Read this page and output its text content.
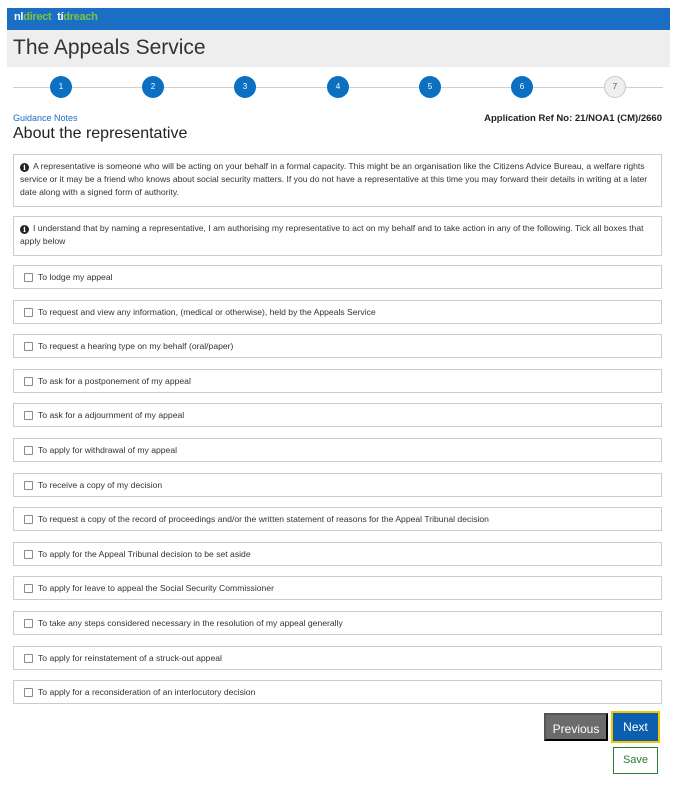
nldirect tídreach
The Appeals Service
1	2	3	4	5	6	7
Guidance Notes	Application Ref No: 21/NOA1 (CM)/2660
About the representative
i A representative is someone who will be acting on your behalf in a formal capacity. This might be an organisation like the Citizens Advice Bureau, a welfare rights service or it may be a friend who knows about social security matters. If you do not have a representative at this time you may forward their details in writing at a later date along with a signed form of authority.
i I understand that by naming a representative, I am authorising my representative to act on my behalf and to take action in any of the following. Tick all boxes that apply below
To lodge my appeal
To request and view any information, (medical or otherwise), held by the Appeals Service
To request a hearing type on my behalf (oral/paper)
To ask for a postponement of my appeal
To ask for a adjournment of my appeal
To apply for withdrawal of my appeal
To receive a copy of my decision
To request a copy of the record of proceedings and/or the written statement of reasons for the Appeal Tribunal decision
To apply for the Appeal Tribunal decision to be set aside
To apply for leave to appeal the Social Security Commissioner
To take any steps considered necessary in the resolution of my appeal generally
To apply for reinstatement of a struck-out appeal
To apply for a reconsideration of an interlocutory decision
Previous	Next
Save
